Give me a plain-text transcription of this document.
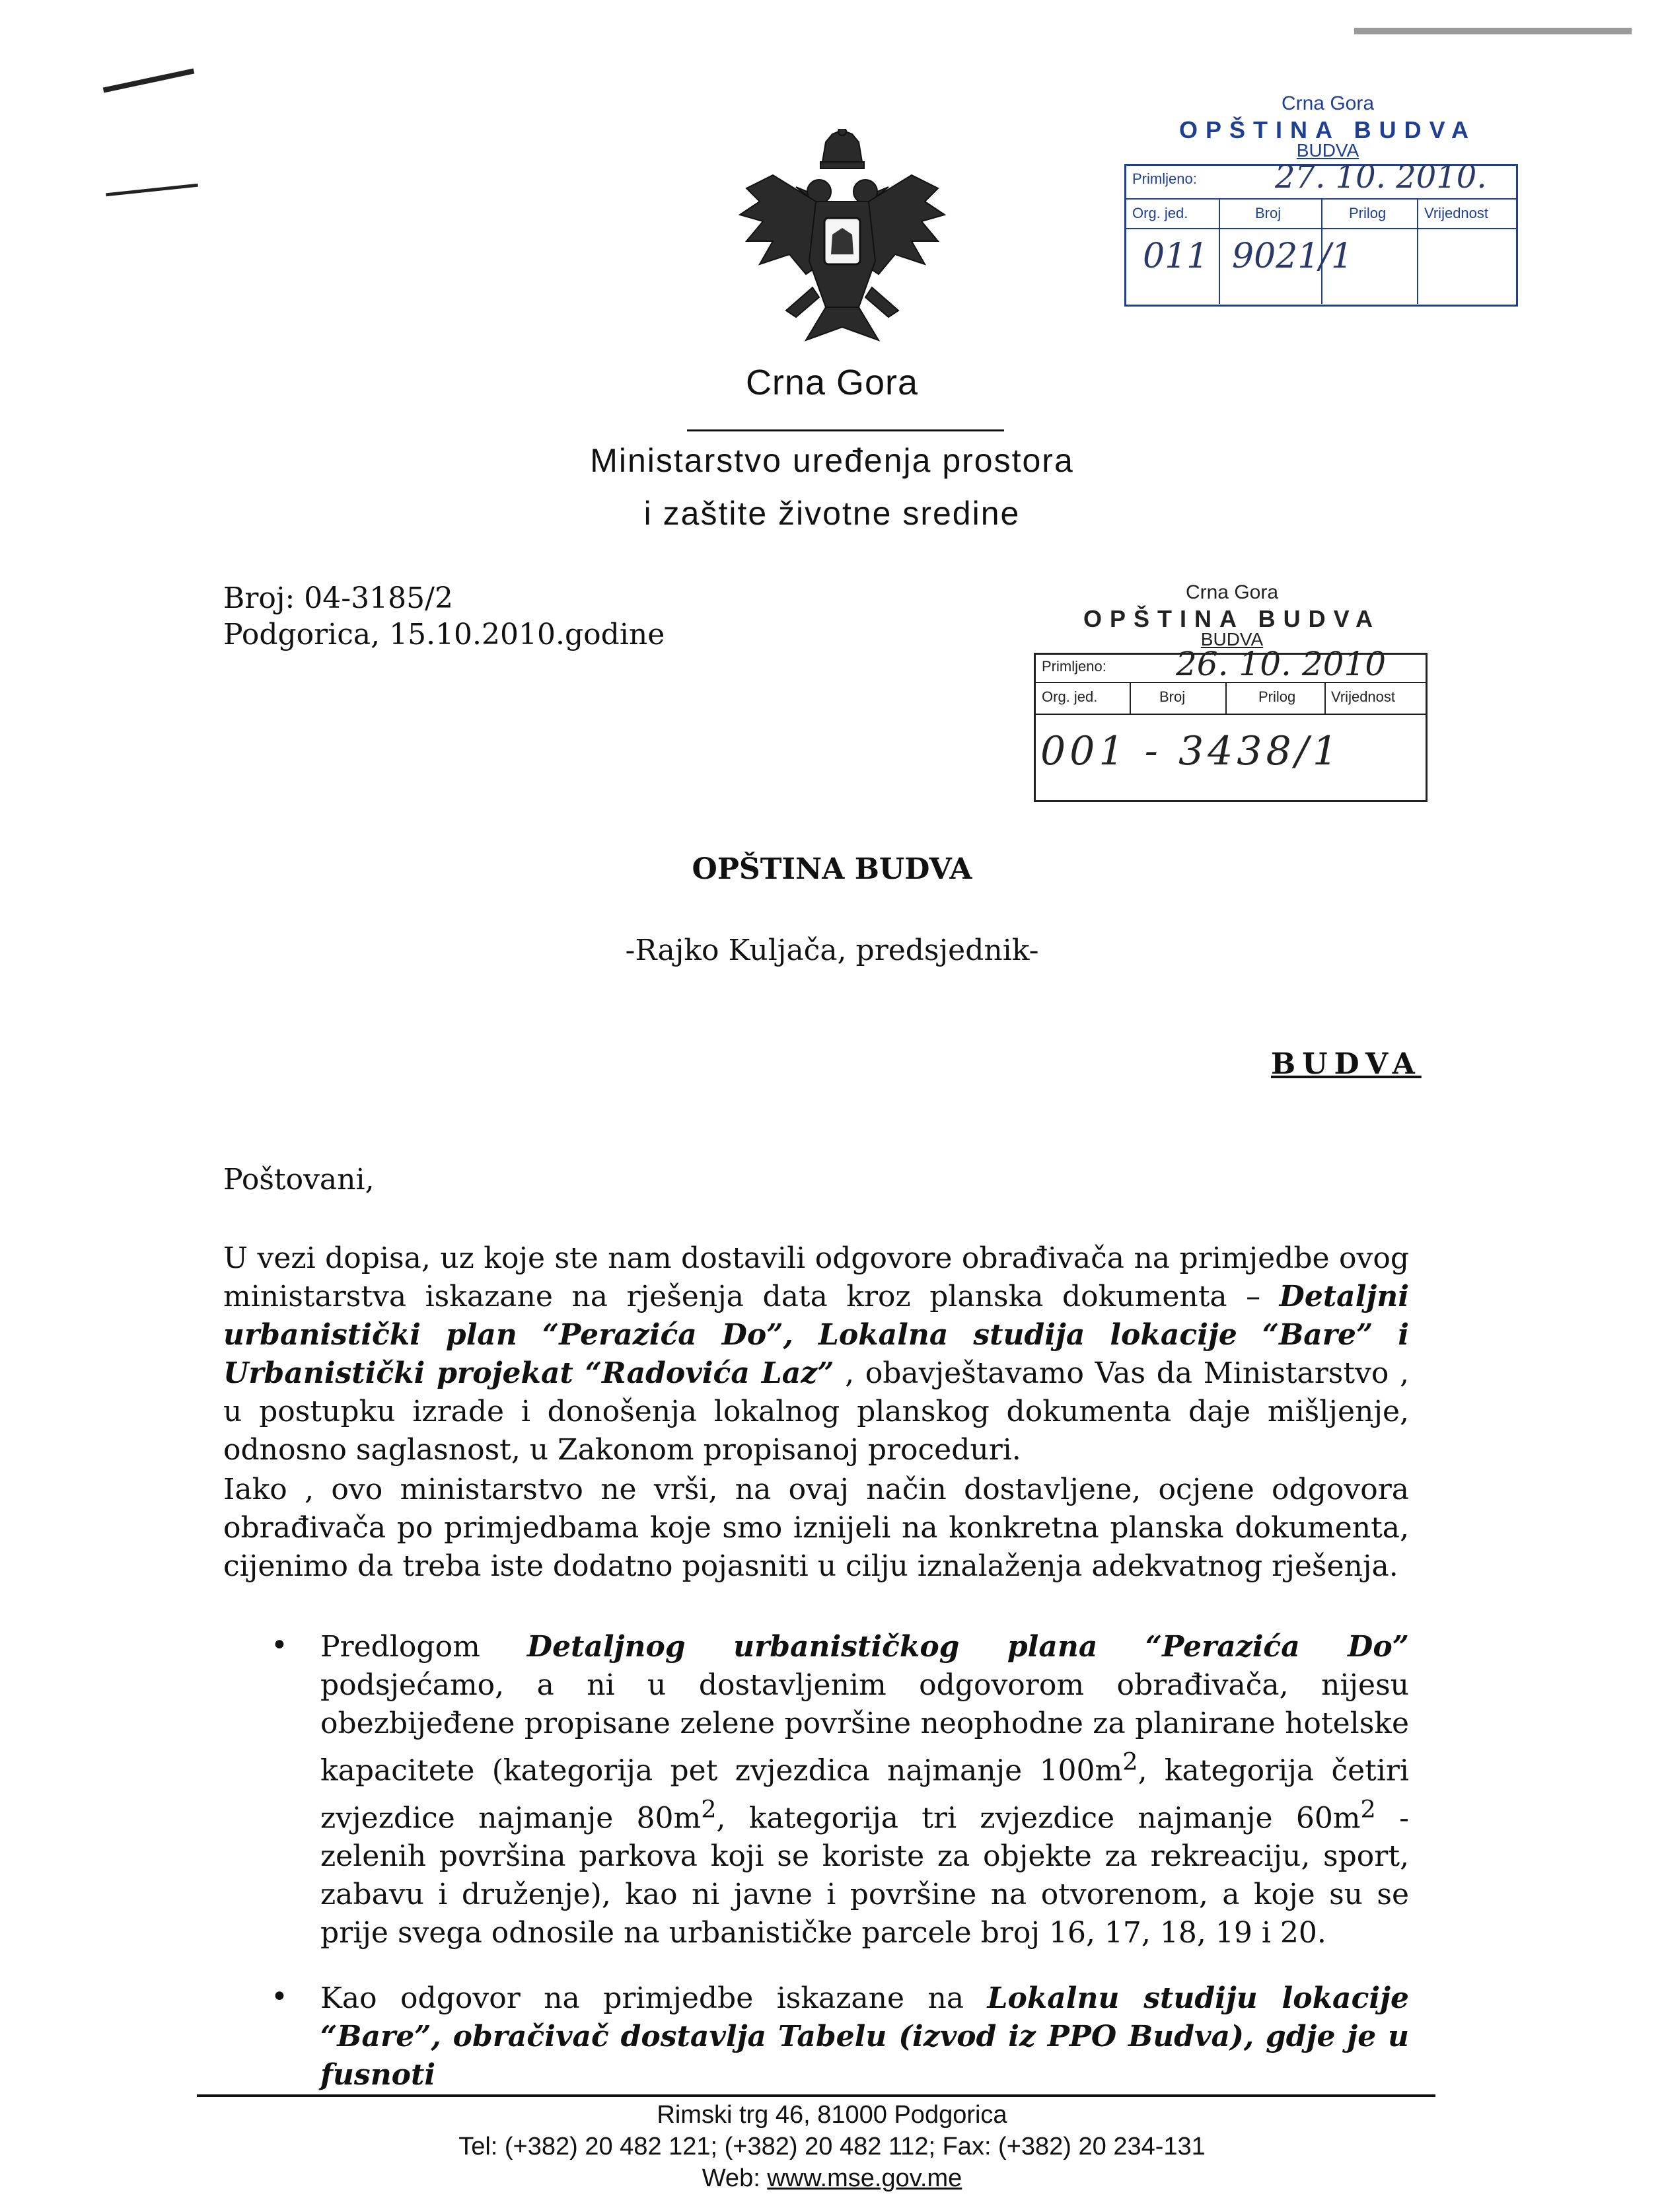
Crna Gora
Ministarstvo uređenja prostora
i zaštite životne sredine
Crna Gora
OPŠTINA BUDVA
BUDVA
Primljeno: 27. 10. 2010.
Org. jed.	Broj	Prilog	Vrijednost
011 9021/1
Crna Gora
OPŠTINA BUDVA
BUDVA
Primljeno: 26. 10. 2010
Org. jed.	Broj	Prilog Vrijednost
001 - 3438/1
Broj: 04-3185/2
Podgorica, 15.10.2010.godine
OPŠTINA BUDVA
-Rajko Kuljača, predsjednik-
BUDVA
Poštovani,
U vezi dopisa, uz koje ste nam dostavili odgovore obrađivača na primjedbe ovog ministarstva iskazane na rješenja data kroz planska dokumenta – Detaljni urbanistički plan “Perazića Do”, Lokalna studija lokacije “Bare” i Urbanistički projekat “Radovića Laz” , obavještavamo Vas da Ministarstvo , u postupku izrade i donošenja lokalnog planskog dokumenta daje mišljenje, odnosno saglasnost, u Zakonom propisanoj proceduri.
Iako , ovo ministarstvo ne vrši, na ovaj način dostavljene, ocjene odgovora obrađivača po primjedbama koje smo iznijeli na konkretna planska dokumenta, cijenimo da treba iste dodatno pojasniti u cilju iznalaženja adekvatnog rješenja.
• Predlogom Detaljnog urbanističkog plana “Perazića Do” podsjećamo, a ni u dostavljenim odgovorom obrađivača, nijesu obezbijeđene propisane zelene površine neophodne za planirane hotelske kapacitete (kategorija pet zvjezdica najmanje $100m^2$, kategorija četiri zvjezdice najmanje $80m^2$, kategorija tri zvjezdice najmanje $60m^2$ - zelenih površina parkova koji se koriste za objekte za rekreaciju, sport, zabavu i druženje), kao ni javne i površine na otvorenom, a koje su se prije svega odnosile na urbanističke parcele broj 16, 17, 18, 19 i 20.
• Kao odgovor na primjedbe iskazane na Lokalnu studiju lokacije “Bare”, obračivač dostavlja Tabelu (izvod iz PPO Budva), gdje je u fusnoti
Rimski trg 46, 81000 Podgorica
Tel: (+382) 20 482 121; (+382) 20 482 112; Fax: (+382) 20 234-131
Web: www.mse.gov.me
